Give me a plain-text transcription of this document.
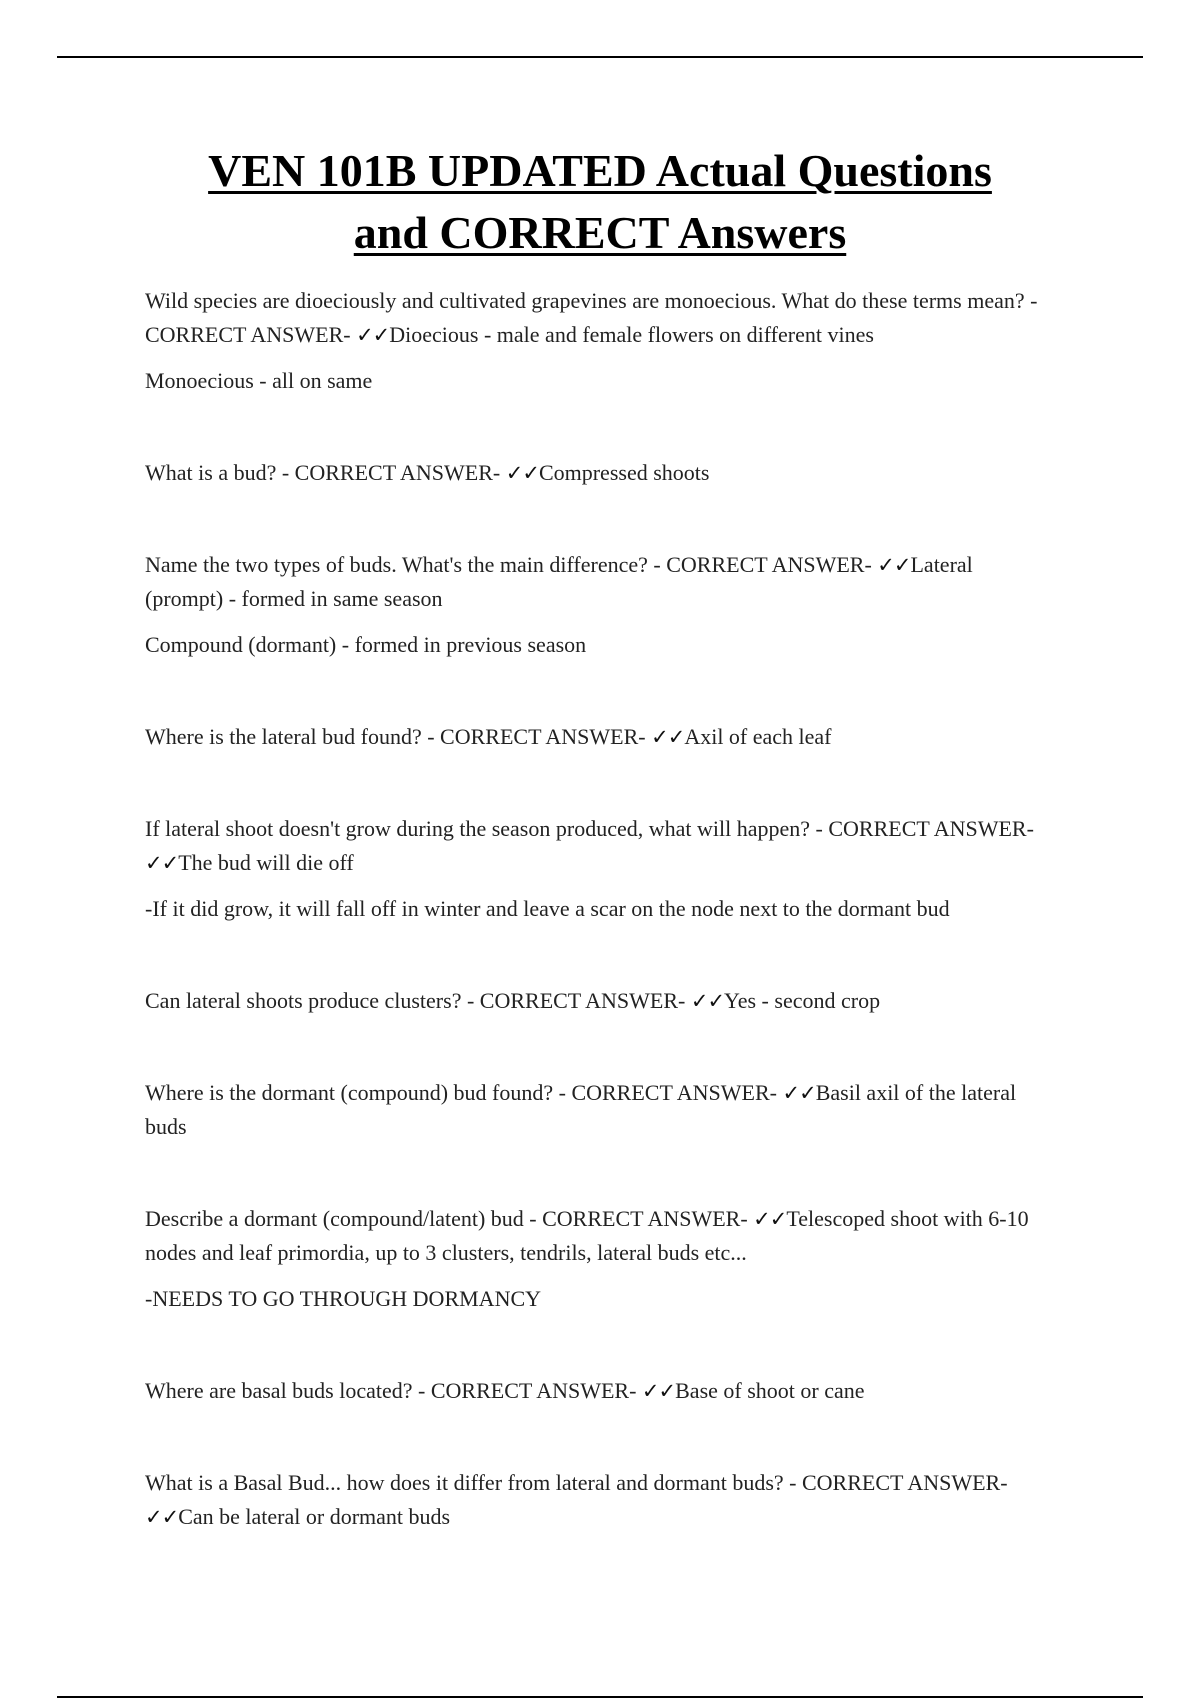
VEN 101B UPDATED Actual Questions
and CORRECT Answers

Wild species are dioeciously and cultivated grapevines are monoecious. What do these terms mean? - CORRECT ANSWER- ✓✓Dioecious - male and female flowers on different vines

Monoecious - all on same

What is a bud? - CORRECT ANSWER- ✓✓Compressed shoots

Name the two types of buds. What's the main difference? - CORRECT ANSWER- ✓✓Lateral (prompt) - formed in same season

Compound (dormant) - formed in previous season

Where is the lateral bud found? - CORRECT ANSWER- ✓✓Axil of each leaf

If lateral shoot doesn't grow during the season produced, what will happen? - CORRECT ANSWER- ✓✓The bud will die off

-If it did grow, it will fall off in winter and leave a scar on the node next to the dormant bud

Can lateral shoots produce clusters? - CORRECT ANSWER- ✓✓Yes - second crop

Where is the dormant (compound) bud found? - CORRECT ANSWER- ✓✓Basil axil of the lateral buds

Describe a dormant (compound/latent) bud - CORRECT ANSWER- ✓✓Telescoped shoot with 6-10 nodes and leaf primordia, up to 3 clusters, tendrils, lateral buds etc...

-NEEDS TO GO THROUGH DORMANCY

Where are basal buds located? - CORRECT ANSWER- ✓✓Base of shoot or cane

What is a Basal Bud... how does it differ from lateral and dormant buds? - CORRECT ANSWER- ✓✓Can be lateral or dormant buds
